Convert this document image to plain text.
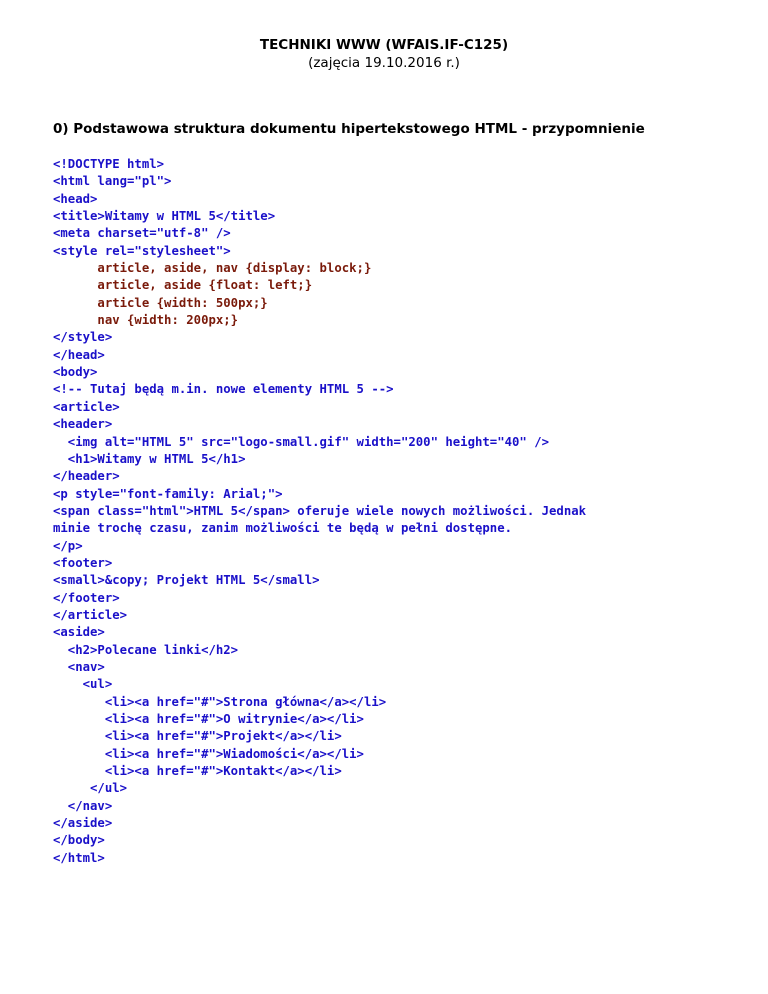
TECHNIKI WWW (WFAIS.IF-C125)
(zajęcia 19.10.2016 r.)
0) Podstawowa struktura dokumentu hipertekstowego HTML - przypomnienie
<!DOCTYPE html>
<html lang="pl">
<head>
<title>Witamy w HTML 5</title>
<meta charset="utf-8" />
<style rel="stylesheet">
article, aside, nav {display: block;}
article, aside {float: left;}
article {width: 500px;}
nav {width: 200px;}
</style>
</head>
<body>
<!-- Tutaj będą m.in. nowe elementy HTML 5 -->
<article>
<header>
<img alt="HTML 5" src="logo-small.gif" width="200" height="40" />
<h1>Witamy w HTML 5</h1>
</header>
<p style="font-family: Arial;">
<span class="html">HTML 5</span> oferuje wiele nowych możliwości. Jednak
minie trochę czasu, zanim możliwości te będą w pełni dostępne.
</p>
<footer>
<small>&copy; Projekt HTML 5</small>
</footer>
</article>
<aside>
<h2>Polecane linki</h2>
<nav>
<ul>
<li><a href="#">Strona główna</a></li>
<li><a href="#">O witrynie</a></li>
<li><a href="#">Projekt</a></li>
<li><a href="#">Wiadomości</a></li>
<li><a href="#">Kontakt</a></li>
</ul>
</nav>
</aside>
</body>
</html>
